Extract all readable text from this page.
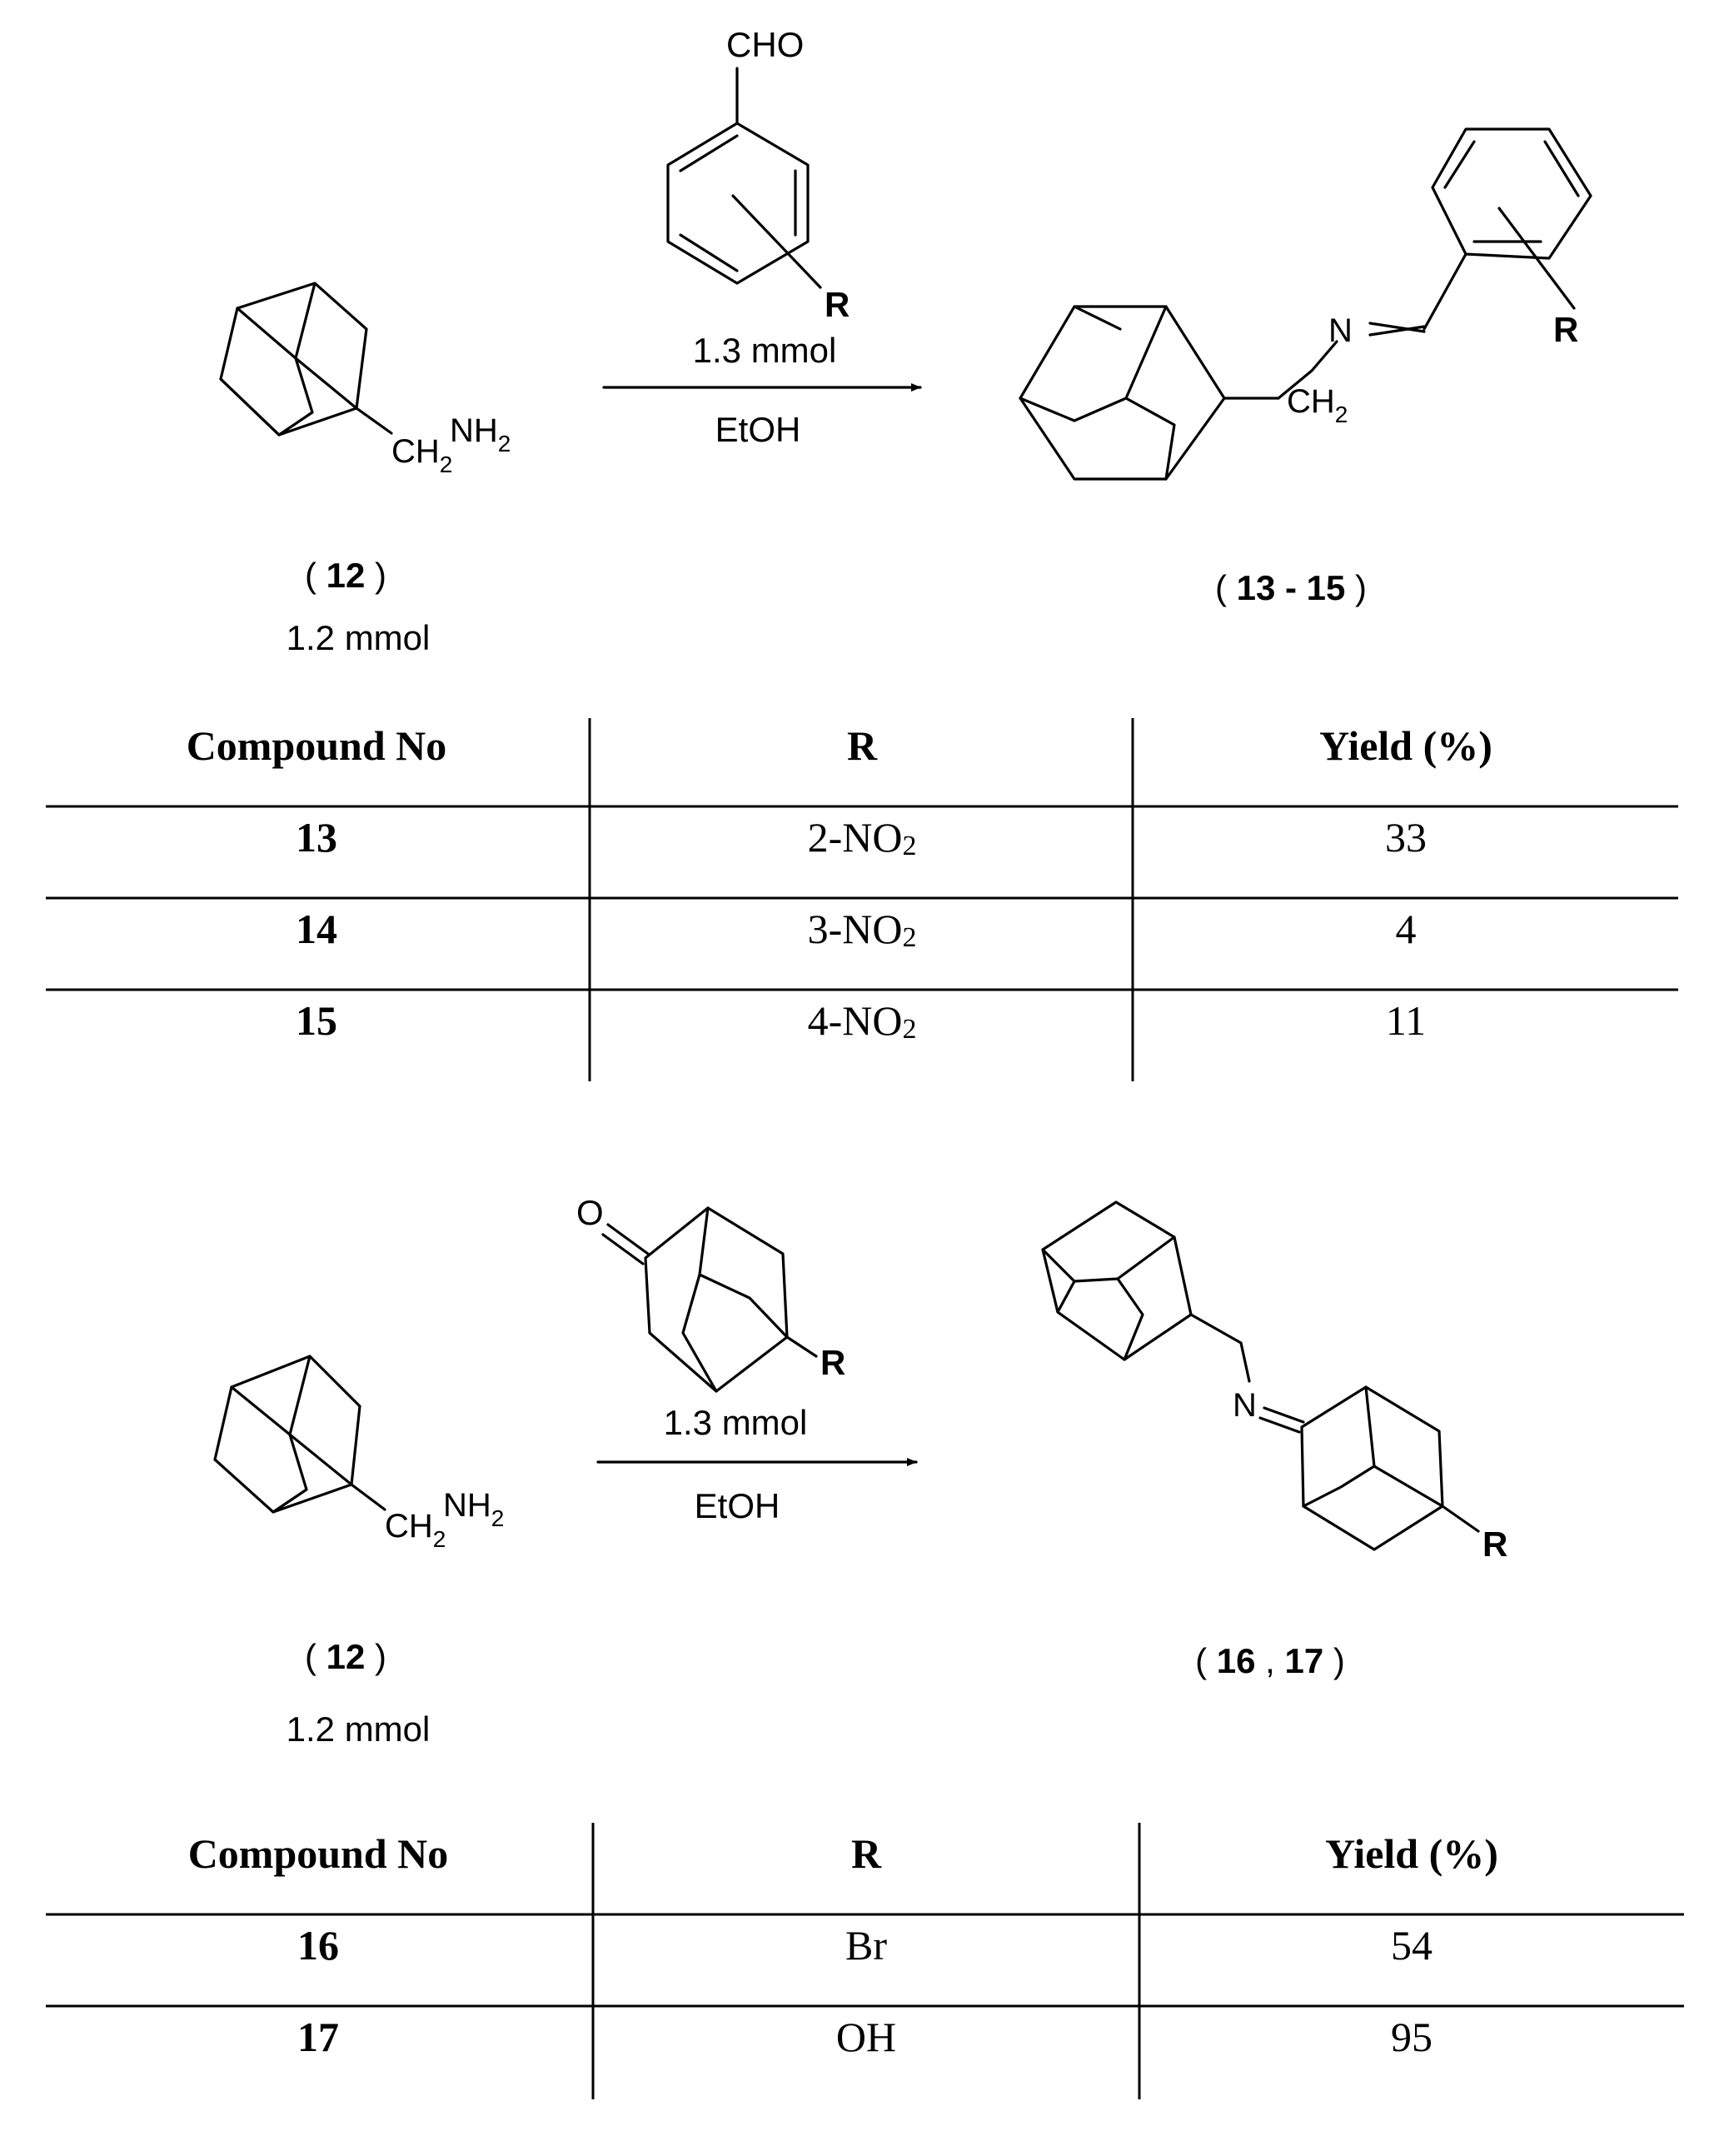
$CH_2$
$NH_2$
CHO
R
1.3 mmol
EtOH
N
$CH_2$
R
( 12 )
1.2 mmol
( 13 - 15 )
Compound No	R	Yield (%)
13	2-NO2	33
14	3-NO2	4
15	4-NO2	11
$CH_2$
$NH_2$
O
R
1.3 mmol
EtOH
N
R
( 12 )
1.2 mmol
( 16 , 17 )
Compound No	R	Yield (%)
16	Br	54
17	OH	95
